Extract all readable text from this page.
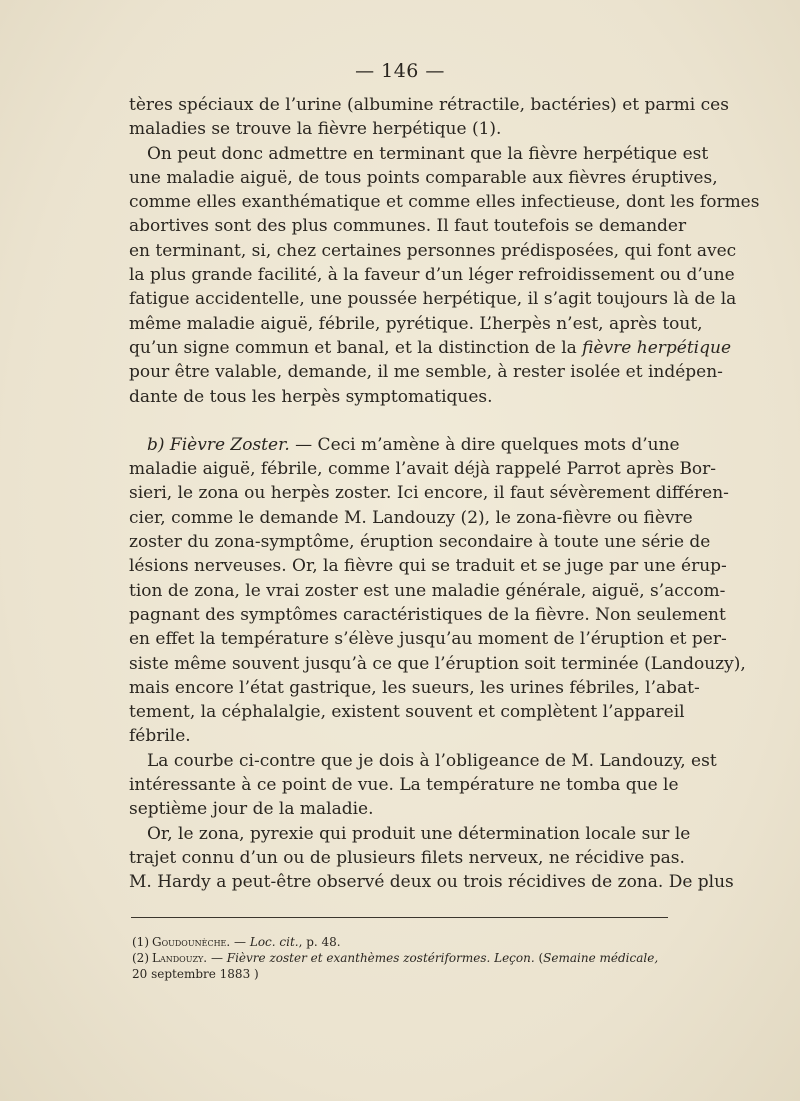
— 146 —
tères spéciaux de l’urine (albumine rétractile, bactéries) et parmi ces
maladies se trouve la fièvre herpétique (1).
On peut donc admettre en terminant que la fièvre herpétique est
une maladie aiguë, de tous points comparable aux fièvres éruptives,
comme elles exanthématique et comme elles infectieuse, dont les formes
abortives sont des plus communes. Il faut toutefois se demander
en terminant, si, chez certaines personnes prédisposées, qui font avec
la plus grande facilité, à la faveur d’un léger refroidissement ou d’une
fatigue accidentelle, une poussée herpétique, il s’agit toujours là de la
même maladie aiguë, fébrile, pyrétique. L’herpès n’est, après tout,
qu’un signe commun et banal, et la distinction de la fièvre herpétique
pour être valable, demande, il me semble, à rester isolée et indépen-
dante de tous les herpès symptomatiques.
b) Fièvre Zoster. — Ceci m’amène à dire quelques mots d’une
maladie aiguë, fébrile, comme l’avait déjà rappelé Parrot après Bor-
sieri, le zona ou herpès zoster. Ici encore, il faut sévèrement différen-
cier, comme le demande M. Landouzy (2), le zona-fièvre ou fièvre
zoster du zona-symptôme, éruption secondaire à toute une série de
lésions nerveuses. Or, la fièvre qui se traduit et se juge par une érup-
tion de zona, le vrai zoster est une maladie générale, aiguë, s’accom-
pagnant des symptômes caractéristiques de la fièvre. Non seulement
en effet la température s’élève jusqu’au moment de l’éruption et per-
siste même souvent jusqu’à ce que l’éruption soit terminée (Landouzy),
mais encore l’état gastrique, les sueurs, les urines fébriles, l’abat-
tement, la céphalalgie, existent souvent et complètent l’appareil
fébrile.
La courbe ci-contre que je dois à l’obligeance de M. Landouzy, est
intéressante à ce point de vue. La température ne tomba que le
septième jour de la maladie.
Or, le zona, pyrexie qui produit une détermination locale sur le
trajet connu d’un ou de plusieurs filets nerveux, ne récidive pas.
M. Hardy a peut-être observé deux ou trois récidives de zona. De plus
(1) Goudounèche. — Loc. cit., p. 48.
(2) Landouzy. — Fièvre zoster et exanthèmes zostériformes. Leçon. (Semaine médicale,
20 septembre 1883 )
